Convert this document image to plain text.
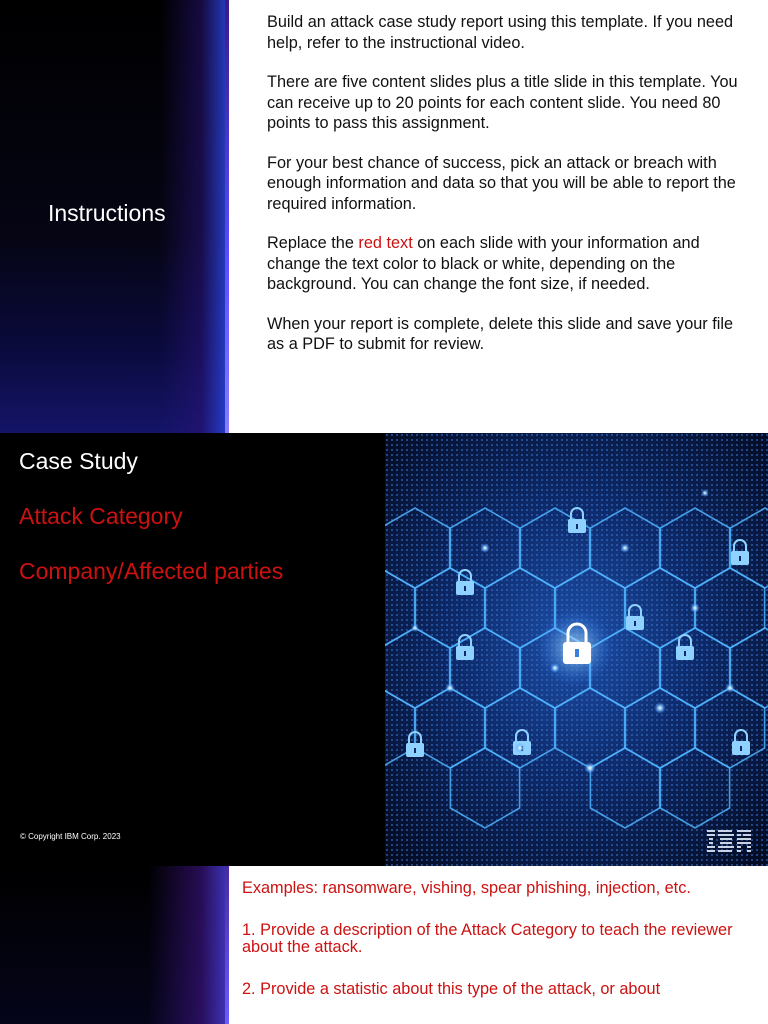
Instructions

Build an attack case study report using this template. If you need help, refer to the instructional video.

There are five content slides plus a title slide in this template. You can receive up to 20 points for each content slide. You need 80 points to pass this assignment.

For your best chance of success, pick an attack or breach with enough information and data so that you will be able to report the required information.

Replace the red text on each slide with your information and change the text color to black or white, depending on the background. You can change the font size, if needed.

When your report is complete, delete this slide and save your file as a PDF to submit for review.

Case Study
Attack Category
Company/Affected parties
© Copyright IBM Corp. 2023

Examples: ransomware, vishing, spear phishing, injection, etc.

1. Provide a description of the Attack Category to teach the reviewer about the attack.

2. Provide a statistic about this type of the attack, or about
